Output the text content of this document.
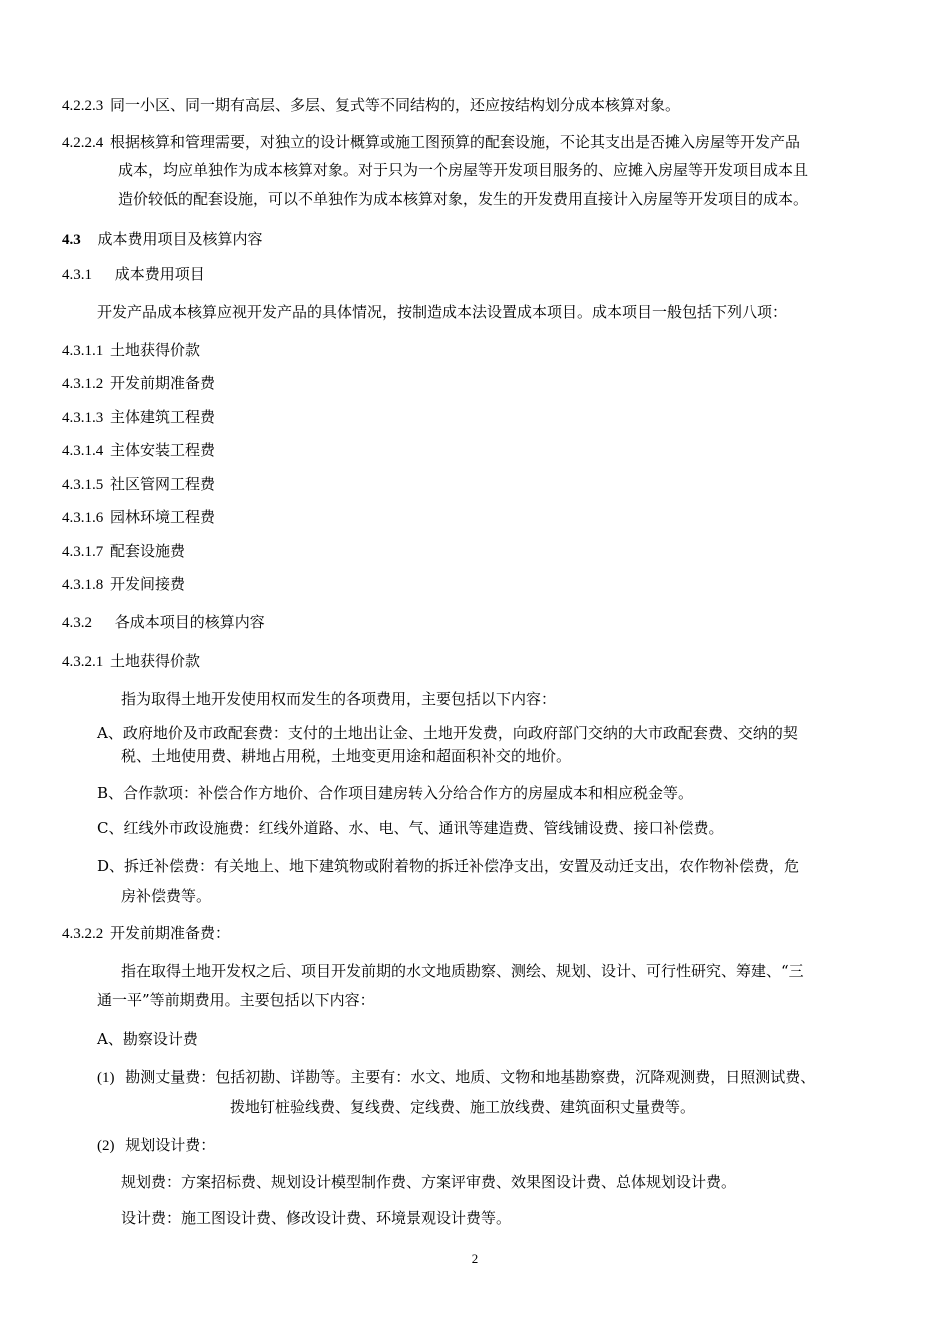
4.2.2.3 同一小区、同一期有高层、多层、复式等不同结构的，还应按结构划分成本核算对象。
4.2.2.4 根据核算和管理需要，对独立的设计概算或施工图预算的配套设施，不论其支出是否摊入房屋等开发产品
成本，均应单独作为成本核算对象。对于只为一个房屋等开发项目服务的、应摊入房屋等开发项目成本且
造价较低的配套设施，可以不单独作为成本核算对象，发生的开发费用直接计入房屋等开发项目的成本。
4.3 成本费用项目及核算内容
4.3.1 成本费用项目
开发产品成本核算应视开发产品的具体情况，按制造成本法设置成本项目。成本项目一般包括下列八项：
4.3.1.1 土地获得价款
4.3.1.2 开发前期准备费
4.3.1.3 主体建筑工程费
4.3.1.4 主体安装工程费
4.3.1.5 社区管网工程费
4.3.1.6 园林环境工程费
4.3.1.7 配套设施费
4.3.1.8 开发间接费
4.3.2 各成本项目的核算内容
4.3.2.1 土地获得价款
指为取得土地开发使用权而发生的各项费用，主要包括以下内容：
A、政府地价及市政配套费：支付的土地出让金、土地开发费，向政府部门交纳的大市政配套费、交纳的契
税、土地使用费、耕地占用税，土地变更用途和超面积补交的地价。
B、合作款项：补偿合作方地价、合作项目建房转入分给合作方的房屋成本和相应税金等。
C、红线外市政设施费：红线外道路、水、电、气、通讯等建造费、管线铺设费、接口补偿费。
D、拆迁补偿费：有关地上、地下建筑物或附着物的拆迁补偿净支出，安置及动迁支出，农作物补偿费，危
房补偿费等。
4.3.2.2 开发前期准备费：
指在取得土地开发权之后、项目开发前期的水文地质勘察、测绘、规划、设计、可行性研究、筹建、“三
通一平”等前期费用。主要包括以下内容：
A、勘察设计费
(1) 勘测丈量费：包括初勘、详勘等。主要有：水文、地质、文物和地基勘察费，沉降观测费，日照测试费、
拨地钉桩验线费、复线费、定线费、施工放线费、建筑面积丈量费等。
(2) 规划设计费：
规划费：方案招标费、规划设计模型制作费、方案评审费、效果图设计费、总体规划设计费。
设计费：施工图设计费、修改设计费、环境景观设计费等。
2
